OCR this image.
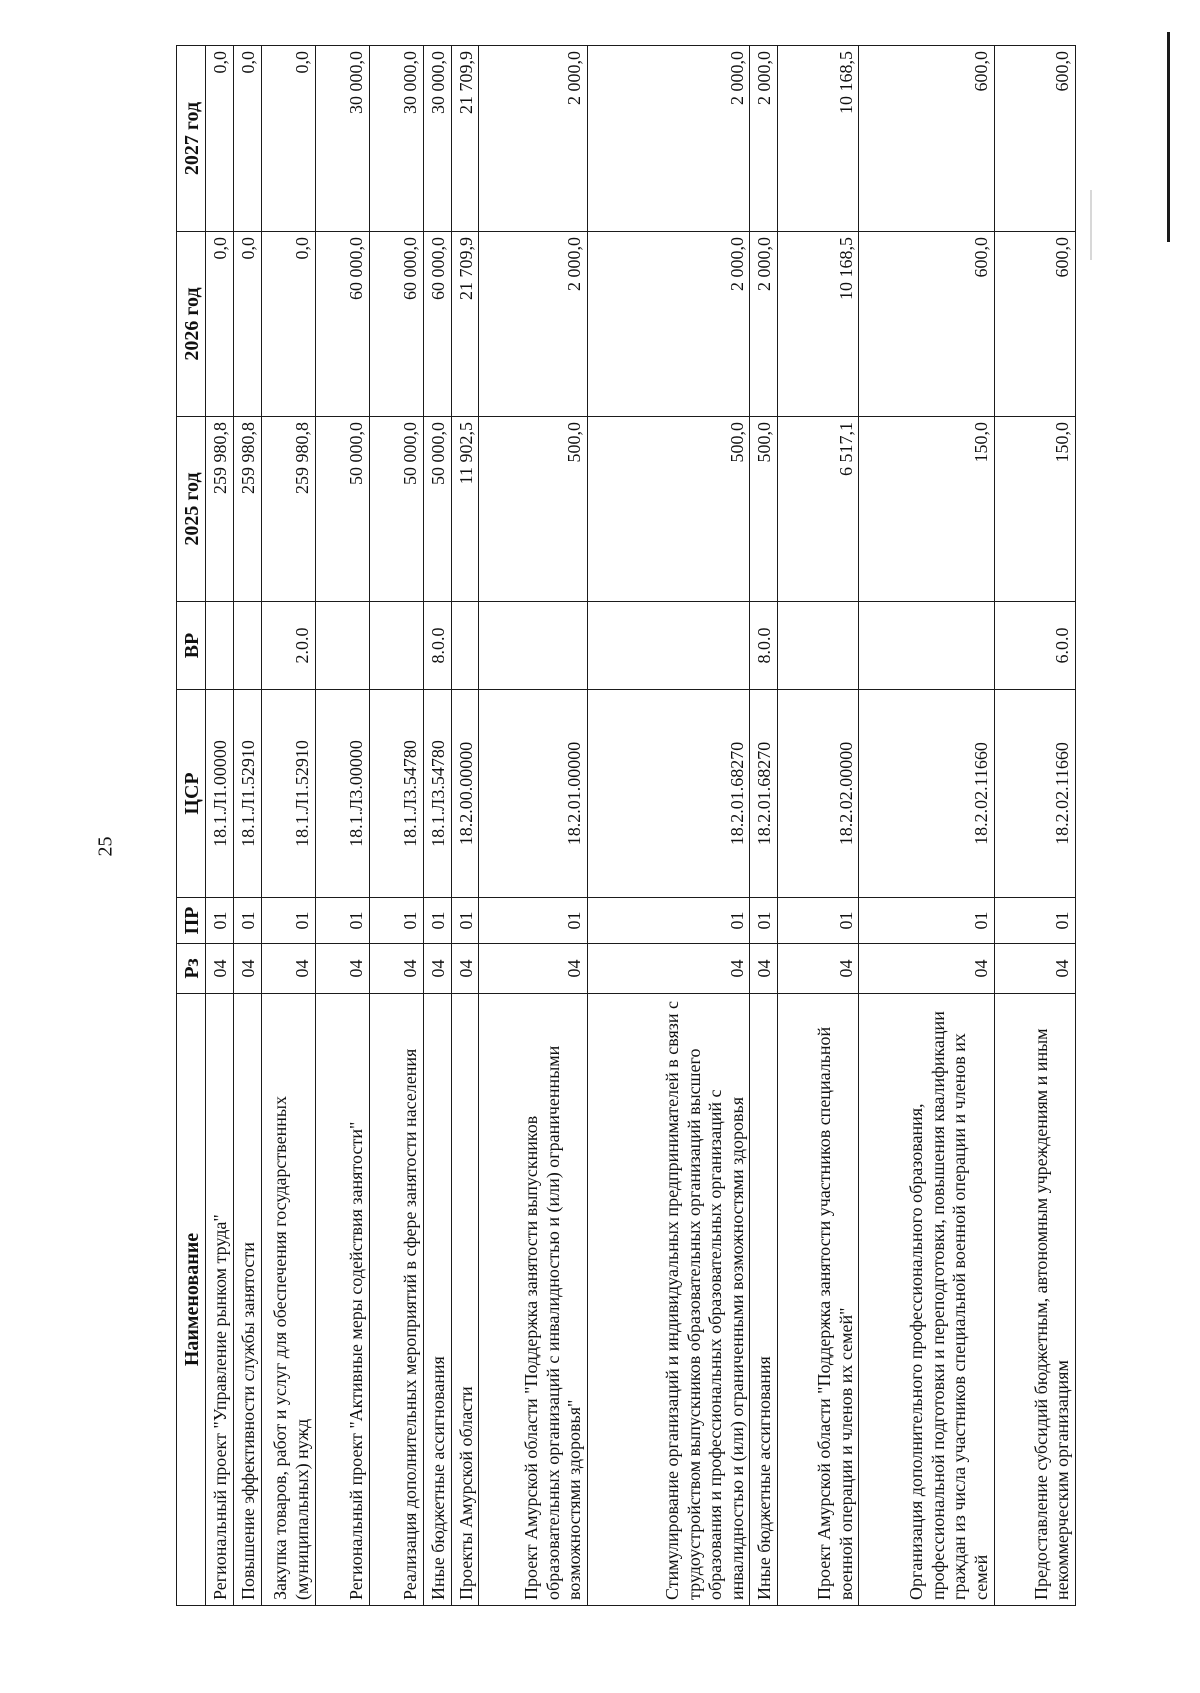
25
Наименование	Рз	ПР	ЦСР	ВР	2025 год	2026 год	2027 год
Региональный проект "Управление рынком труда"	04	01	18.1.Л1.00000		259 980,8	0,0	0,0
Повышение эффективности службы занятости	04	01	18.1.Л1.52910		259 980,8	0,0	0,0
Закупка товаров, работ и услуг для обеспечения государственных (муниципальных) нужд	04	01	18.1.Л1.52910	2.0.0	259 980,8	0,0	0,0
Региональный проект "Активные меры содействия занятости"	04	01	18.1.Л3.00000		50 000,0	60 000,0	30 000,0
Реализация дополнительных мероприятий в сфере занятости населения	04	01	18.1.Л3.54780		50 000,0	60 000,0	30 000,0
Иные бюджетные ассигнования	04	01	18.1.Л3.54780	8.0.0	50 000,0	60 000,0	30 000,0
Проекты Амурской области	04	01	18.2.00.00000		11 902,5	21 709,9	21 709,9
Проект Амурской области "Поддержка занятости выпускников образовательных организаций с инвалидностью и (или) ограниченными возможностями здоровья"	04	01	18.2.01.00000		500,0	2 000,0	2 000,0
Стимулирование организаций и индивидуальных предпринимателей в связи с трудоустройством выпускников образовательных организаций высшего образования и профессиональных образовательных организаций с инвалидностью и (или) ограниченными возможностями здоровья	04	01	18.2.01.68270		500,0	2 000,0	2 000,0
Иные бюджетные ассигнования	04	01	18.2.01.68270	8.0.0	500,0	2 000,0	2 000,0
Проект Амурской области "Поддержка занятости участников специальной военной операции и членов их семей"	04	01	18.2.02.00000		6 517,1	10 168,5	10 168,5
Организация дополнительного профессионального образования, профессиональной подготовки и переподготовки, повышения квалификации граждан из числа участников специальной военной операции и членов их семей	04	01	18.2.02.11660		150,0	600,0	600,0
Предоставление субсидий бюджетным, автономным учреждениям и иным некоммерческим организациям	04	01	18.2.02.11660	6.0.0	150,0	600,0	600,0
